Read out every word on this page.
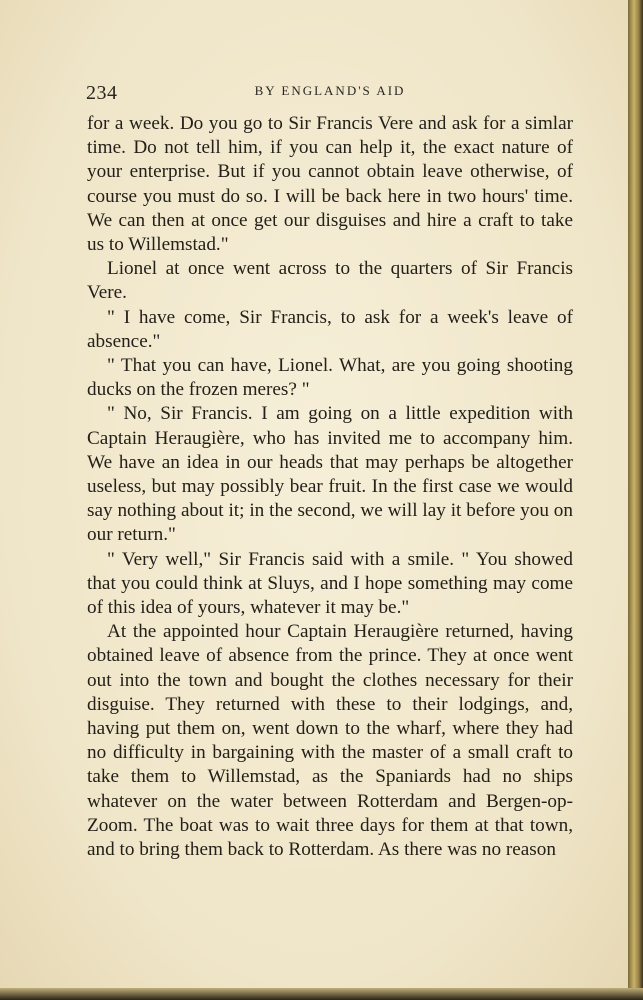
234	BY ENGLAND'S AID

for a week. Do you go to Sir Francis Vere and ask for a simlar time. Do not tell him, if you can help it, the exact nature of your enterprise. But if you cannot obtain leave otherwise, of course you must do so. I will be back here in two hours' time. We can then at once get our disguises and hire a craft to take us to Willemstad."

Lionel at once went across to the quarters of Sir Francis Vere.

" I have come, Sir Francis, to ask for a week's leave of absence."

" That you can have, Lionel. What, are you going shooting ducks on the frozen meres? "

" No, Sir Francis. I am going on a little expedition with Captain Heraugière, who has invited me to accompany him. We have an idea in our heads that may perhaps be altogether useless, but may possibly bear fruit. In the first case we would say nothing about it; in the second, we will lay it before you on our return."

" Very well," Sir Francis said with a smile. " You showed that you could think at Sluys, and I hope something may come of this idea of yours, whatever it may be."

At the appointed hour Captain Heraugière returned, having obtained leave of absence from the prince. They at once went out into the town and bought the clothes necessary for their disguise. They returned with these to their lodgings, and, having put them on, went down to the wharf, where they had no difficulty in bargaining with the master of a small craft to take them to Willemstad, as the Spaniards had no ships whatever on the water between Rotterdam and Bergen-op-Zoom. The boat was to wait three days for them at that town, and to bring them back to Rotterdam. As there was no reason
